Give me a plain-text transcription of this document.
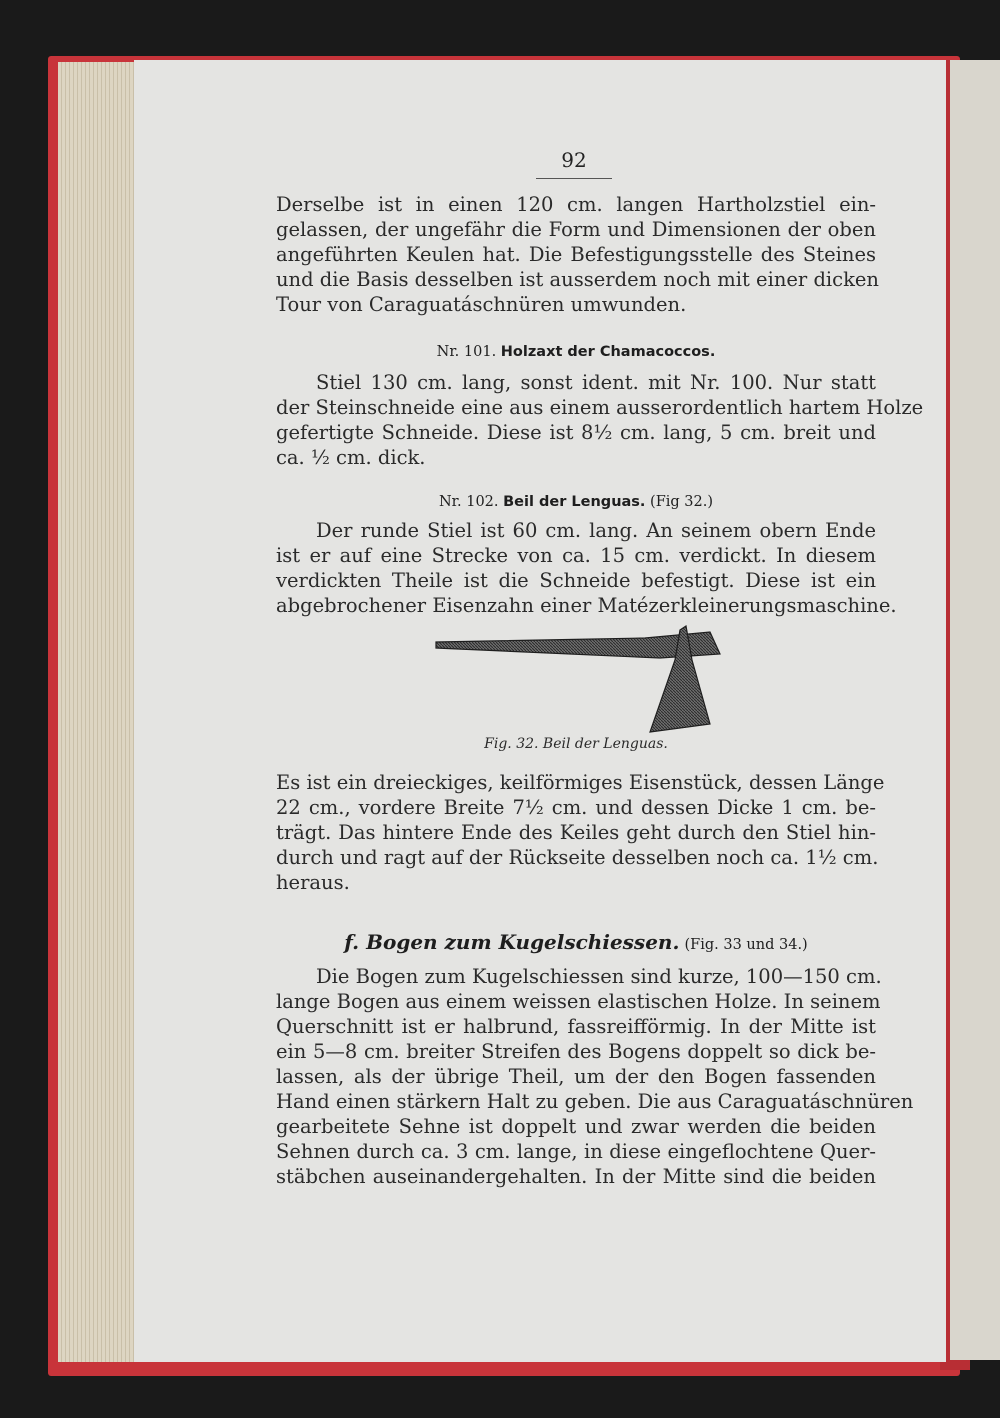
92

Derselbe ist in einen 120 cm. langen Hartholzstiel ein-
gelassen, der ungefähr die Form und Dimensionen der oben
angeführten Keulen hat. Die Befestigungsstelle des Steines
und die Basis desselben ist ausserdem noch mit einer dicken
Tour von Caraguatáschnüren umwunden.

Nr. 101. Holzaxt der Chamacoccos.

Stiel 130 cm. lang, sonst ident. mit Nr. 100. Nur statt
der Steinschneide eine aus einem ausserordentlich hartem Holze
gefertigte Schneide. Diese ist 8½ cm. lang, 5 cm. breit und
ca. ½ cm. dick.

Nr. 102. Beil der Lenguas. (Fig 32.)

Der runde Stiel ist 60 cm. lang. An seinem obern Ende
ist er auf eine Strecke von ca. 15 cm. verdickt. In diesem
verdickten Theile ist die Schneide befestigt. Diese ist ein
abgebrochener Eisenzahn einer Matézerkleinerungsmaschine.

Fig. 32. Beil der Lenguas.

Es ist ein dreieckiges, keilförmiges Eisenstück, dessen Länge
22 cm., vordere Breite 7½ cm. und dessen Dicke 1 cm. be-
trägt. Das hintere Ende des Keiles geht durch den Stiel hin-
durch und ragt auf der Rückseite desselben noch ca. 1½ cm.
heraus.

f. Bogen zum Kugelschiessen. (Fig. 33 und 34.)

Die Bogen zum Kugelschiessen sind kurze, 100—150 cm.
lange Bogen aus einem weissen elastischen Holze. In seinem
Querschnitt ist er halbrund, fassreifförmig. In der Mitte ist
ein 5—8 cm. breiter Streifen des Bogens doppelt so dick be-
lassen, als der übrige Theil, um der den Bogen fassenden
Hand einen stärkern Halt zu geben. Die aus Caraguatáschnüren
gearbeitete Sehne ist doppelt und zwar werden die beiden
Sehnen durch ca. 3 cm. lange, in diese eingeflochtene Quer-
stäbchen auseinandergehalten. In der Mitte sind die beiden
